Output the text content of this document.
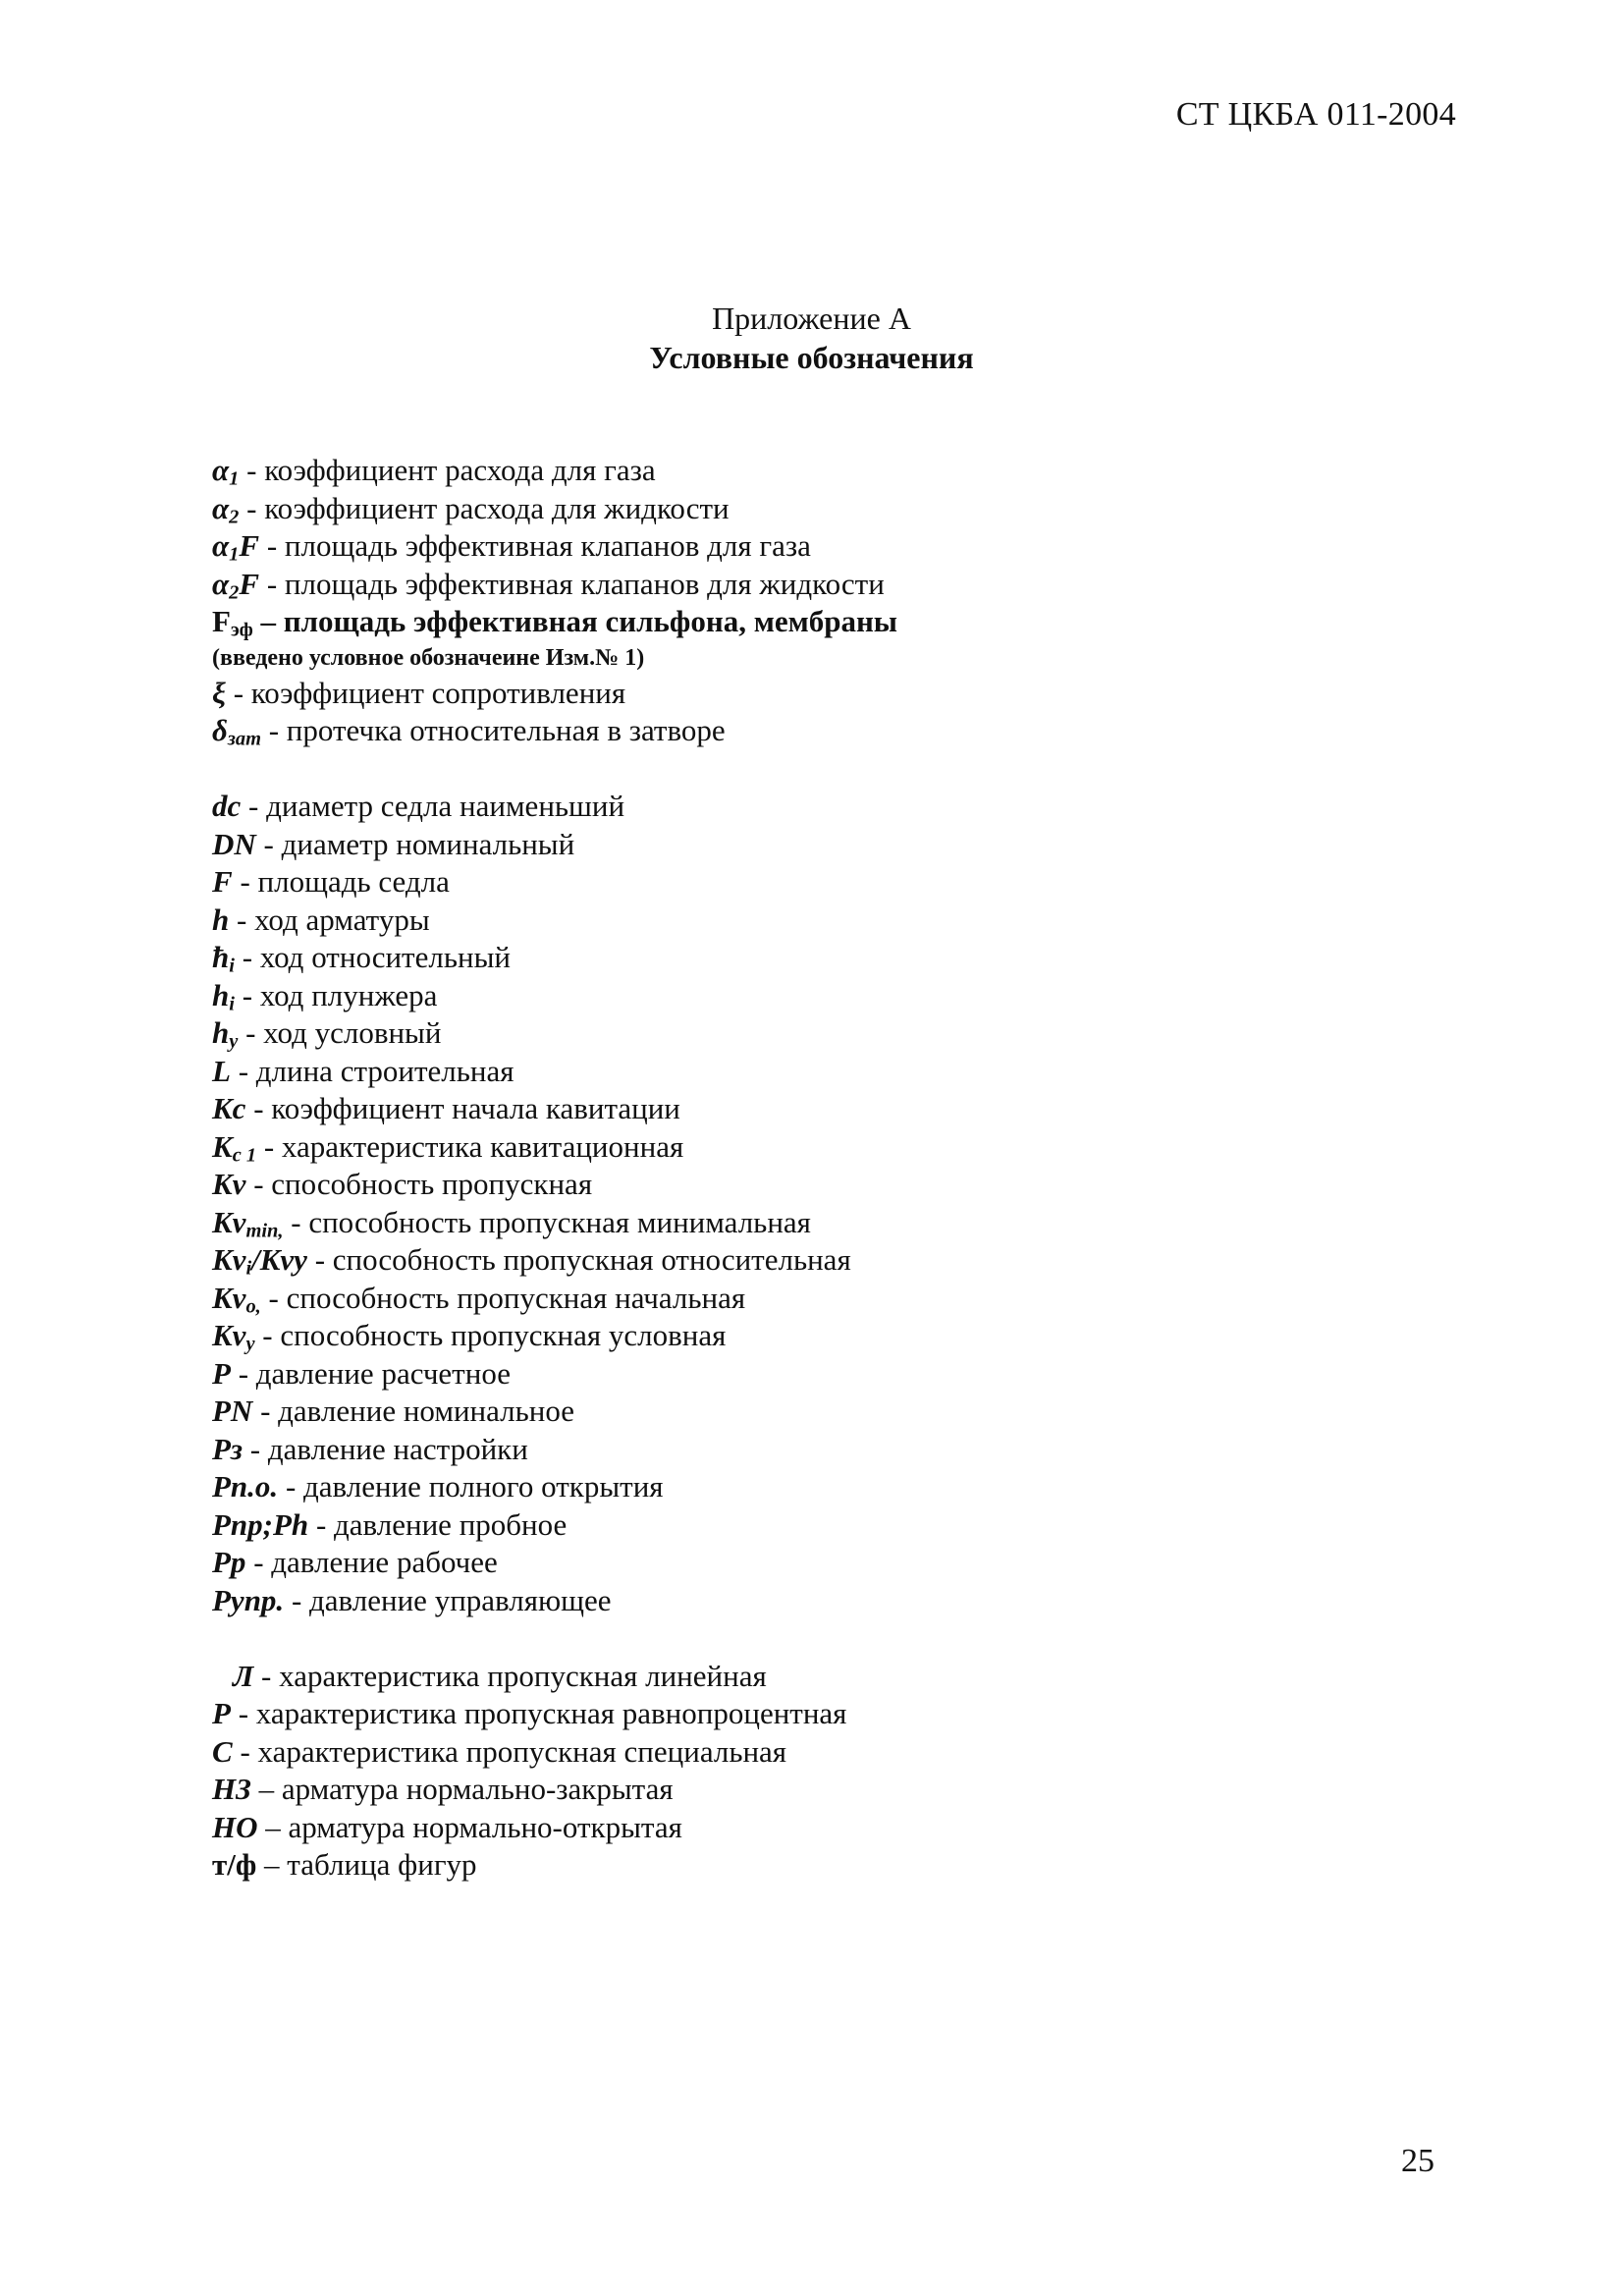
СТ ЦКБА 011-2004
Приложение А
Условные обозначения
$\alpha_1$ - коэффициент расхода для газа
$\alpha_2$ - коэффициент расхода для жидкости
$\alpha_1F$ - площадь эффективная клапанов для газа
$\alpha_2F$ - площадь эффективная клапанов для жидкости
$F_{эф}$ – площадь эффективная сильфона, мембраны
(введено условное обозначеине Изм.№ 1)
ξ - коэффициент сопротивления
$\delta_{зат}$ - протечка относительная в затворе
dc - диаметр седла наименьший
DN - диаметр номинальный
F - площадь седла
h - ход арматуры
$ħ_i$ - ход относительный
$h_i$ - ход плунжера
$h_у$ - ход условный
L - длина строительная
Kc - коэффициент начала кавитации
$K_{c 1}$ - характеристика кавитационная
Kv - способность пропускная
$Kv_{min,}$ - способность пропускная минимальная
$Kv_i$/Kvy - способность пропускная относительная
$Kv_{o,}$ - способность пропускная начальная
$Kv_y$ - способность пропускная условная
P - давление расчетное
PN - давление номинальное
Pз - давление настройки
Pп.о. - давление полного открытия
Pпр;Ph - давление пробное
Pp - давление рабочее
Pупр. - давление управляющее
Л - характеристика пропускная линейная
Р - характеристика пропускная равнопроцентная
С - характеристика пропускная специальная
НЗ – арматура нормально-закрытая
НО – арматура нормально-открытая
т/ф – таблица фигур
25
